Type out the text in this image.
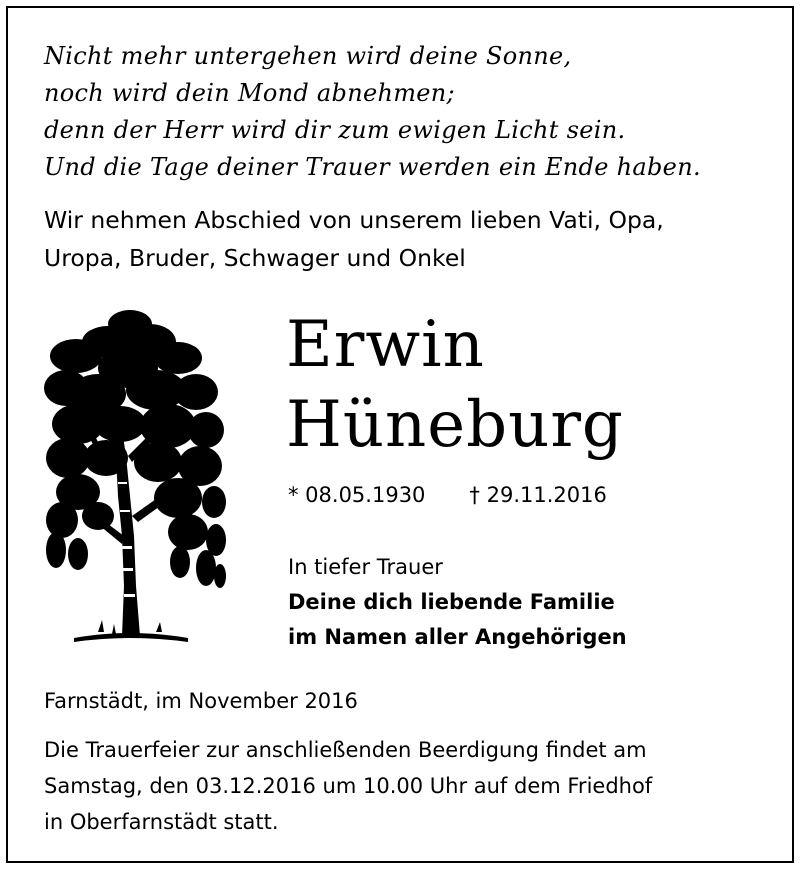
Nicht mehr untergehen wird deine Sonne,
noch wird dein Mond abnehmen;
denn der Herr wird dir zum ewigen Licht sein.
Und die Tage deiner Trauer werden ein Ende haben.

Wir nehmen Abschied von unserem lieben Vati, Opa,
Uropa, Bruder, Schwager und Onkel

Erwin
Hüneburg
* 08.05.1930 † 29.11.2016
In tiefer Trauer
Deine dich liebende Familie
im Namen aller Angehörigen
Farnstädt, im November 2016
Die Trauerfeier zur anschließenden Beerdigung findet am
Samstag, den 03.12.2016 um 10.00 Uhr auf dem Friedhof
in Oberfarnstädt statt.
